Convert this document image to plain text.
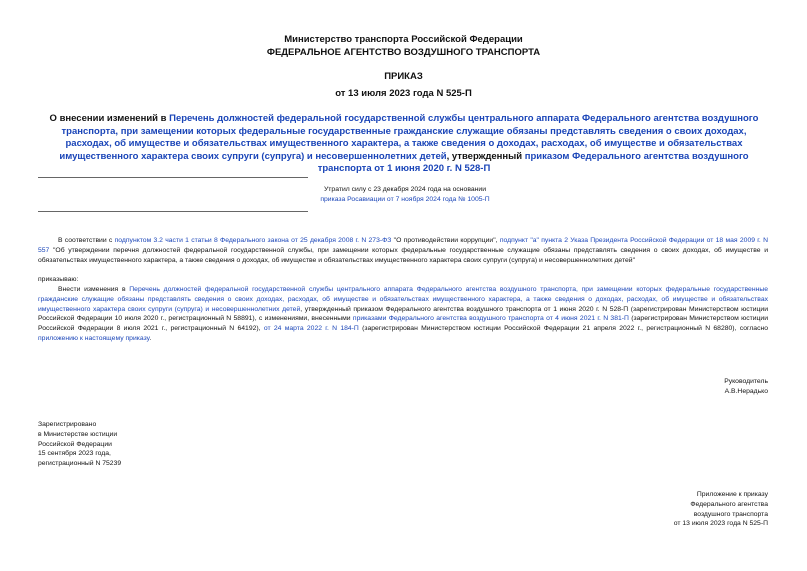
Министерство транспорта Российской Федерации
ФЕДЕРАЛЬНОЕ АГЕНТСТВО ВОЗДУШНОГО ТРАНСПОРТА
ПРИКАЗ
от 13 июля 2023 года N 525-П
О внесении изменений в Перечень должностей федеральной государственной службы центрального аппарата Федерального агентства воздушного транспорта, при замещении которых федеральные государственные гражданские служащие обязаны представлять сведения о своих доходах, расходах, об имуществе и обязательствах имущественного характера, а также сведения о доходах, расходах, об имуществе и обязательствах имущественного характера своих супруги (супруга) и несовершеннолетних детей, утвержденный приказом Федерального агентства воздушного транспорта от 1 июня 2020 г. N 528-П
Утратил силу с 23 декабря 2024 года на основании
приказа Росавиации от 7 ноября 2024 года № 1005-П
В соответствии с подпунктом 3.2 части 1 статьи 8 Федерального закона от 25 декабря 2008 г. N 273-ФЗ "О противодействии коррупции", подпункт "а" пункта 2 Указа Президента Российской Федерации от 18 мая 2009 г. N 557 "Об утверждении перечня должностей федеральной государственной службы, при замещении которых федеральные государственные служащие обязаны представлять сведения о своих доходах, об имуществе и обязательствах имущественного характера, а также сведения о доходах, об имуществе и обязательствах имущественного характера своих супруги (супруга) и несовершеннолетних детей"
приказываю:
Внести изменения в Перечень должностей федеральной государственной службы центрального аппарата Федерального агентства воздушного транспорта, при замещении которых федеральные государственные гражданские служащие обязаны представлять сведения о своих доходах, расходах, об имуществе и обязательствах имущественного характера, а также сведения о доходах, расходах, об имуществе и обязательствах имущественного характера своих супруги (супруга) и несовершеннолетних детей, утвержденный приказом Федерального агентства воздушного транспорта от 1 июня 2020 г. N 528-П (зарегистрирован Министерством юстиции Российской Федерации 10 июля 2020 г., регистрационный N 58891), с изменениями, внесенными приказами Федерального агентства воздушного транспорта от 4 июня 2021 г. N 381-П (зарегистрирован Министерством юстиции Российской Федерации 8 июля 2021 г., регистрационный N 64192), от 24 марта 2022 г. N 184-П (зарегистрирован Министерством юстиции Российской Федерации 21 апреля 2022 г., регистрационный N 68280), согласно приложению к настоящему приказу.
Руководитель
А.В.Нерадько
Зарегистрировано
в Министерстве юстиции
Российской Федерации
15 сентября 2023 года,
регистрационный N 75239
Приложение к приказу
Федерального агентства
воздушного транспорта
от 13 июля 2023 года N 525-П
